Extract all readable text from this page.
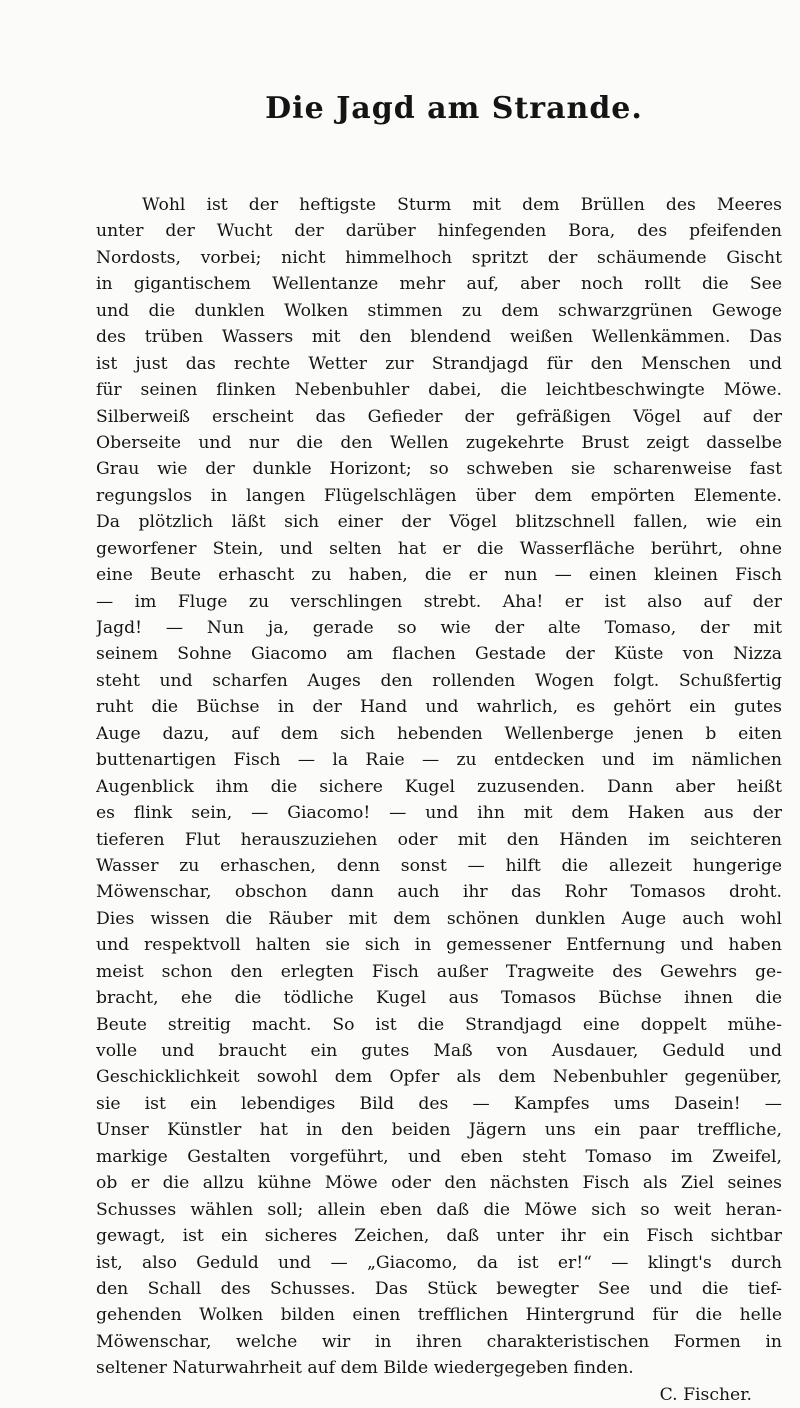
Die Jagd am Strande.
Wohl ist der heftigste Sturm mit dem Brüllen des Meeres
unter der Wucht der darüber hinfegenden Bora, des pfeifenden
Nordosts, vorbei; nicht himmelhoch spritzt der schäumende Gischt
in gigantischem Wellentanze mehr auf, aber noch rollt die See
und die dunklen Wolken stimmen zu dem schwarzgrünen Gewoge
des trüben Wassers mit den blendend weißen Wellenkämmen. Das
ist just das rechte Wetter zur Strandjagd für den Menschen und
für seinen flinken Nebenbuhler dabei, die leichtbeschwingte Möwe.
Silberweiß erscheint das Gefieder der gefräßigen Vögel auf der
Oberseite und nur die den Wellen zugekehrte Brust zeigt dasselbe
Grau wie der dunkle Horizont; so schweben sie scharenweise fast
regungslos in langen Flügelschlägen über dem empörten Elemente.
Da plötzlich läßt sich einer der Vögel blitzschnell fallen, wie ein
geworfener Stein, und selten hat er die Wasserfläche berührt, ohne
eine Beute erhascht zu haben, die er nun — einen kleinen Fisch
— im Fluge zu verschlingen strebt. Aha! er ist also auf der
Jagd! — Nun ja, gerade so wie der alte Tomaso, der mit
seinem Sohne Giacomo am flachen Gestade der Küste von Nizza
steht und scharfen Auges den rollenden Wogen folgt. Schußfertig
ruht die Büchse in der Hand und wahrlich, es gehört ein gutes
Auge dazu, auf dem sich hebenden Wellenberge jenen b eiten
buttenartigen Fisch — la Raie — zu entdecken und im nämlichen
Augenblick ihm die sichere Kugel zuzusenden. Dann aber heißt
es flink sein, — Giacomo! — und ihn mit dem Haken aus der
tieferen Flut herauszuziehen oder mit den Händen im seichteren
Wasser zu erhaschen, denn sonst — hilft die allezeit hungerige
Möwenschar, obschon dann auch ihr das Rohr Tomasos droht.
Dies wissen die Räuber mit dem schönen dunklen Auge auch wohl
und respektvoll halten sie sich in gemessener Entfernung und haben
meist schon den erlegten Fisch außer Tragweite des Gewehrs ge-
bracht, ehe die tödliche Kugel aus Tomasos Büchse ihnen die
Beute streitig macht. So ist die Strandjagd eine doppelt mühe-
volle und braucht ein gutes Maß von Ausdauer, Geduld und
Geschicklichkeit sowohl dem Opfer als dem Nebenbuhler gegenüber,
sie ist ein lebendiges Bild des — Kampfes ums Dasein! —
Unser Künstler hat in den beiden Jägern uns ein paar treffliche,
markige Gestalten vorgeführt, und eben steht Tomaso im Zweifel,
ob er die allzu kühne Möwe oder den nächsten Fisch als Ziel seines
Schusses wählen soll; allein eben daß die Möwe sich so weit heran-
gewagt, ist ein sicheres Zeichen, daß unter ihr ein Fisch sichtbar
ist, also Geduld und — „Giacomo, da ist er!“ — klingt's durch
den Schall des Schusses. Das Stück bewegter See und die tief-
gehenden Wolken bilden einen trefflichen Hintergrund für die helle
Möwenschar, welche wir in ihren charakteristischen Formen in
seltener Naturwahrheit auf dem Bilde wiedergegeben finden.
C. Fischer.
